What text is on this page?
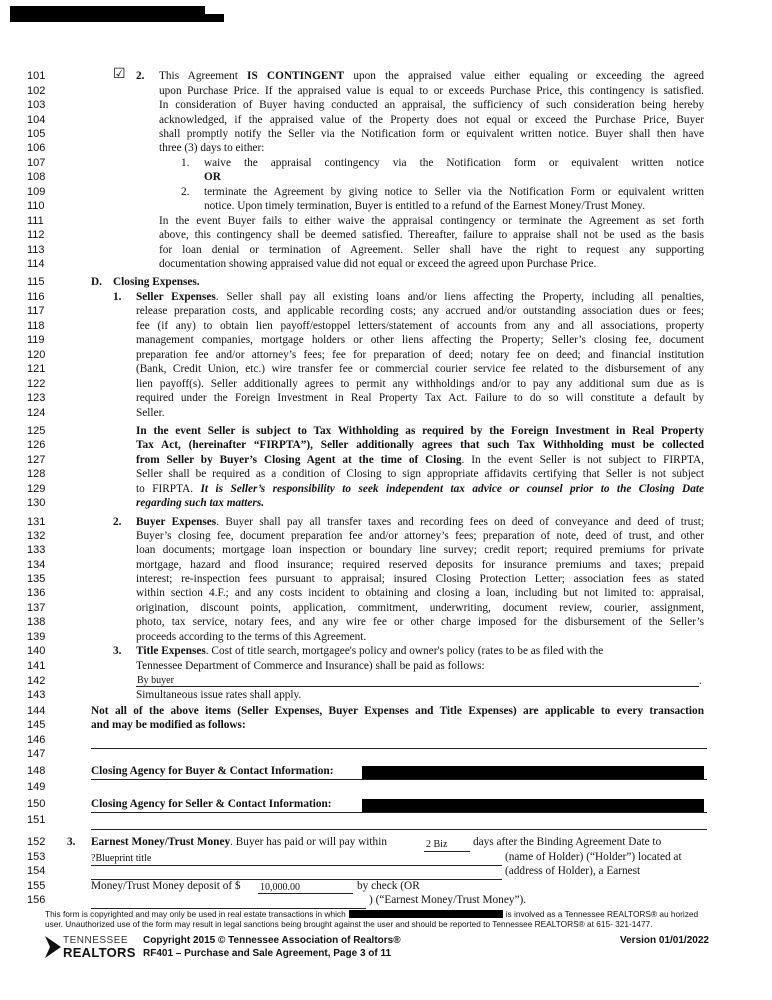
101
102
103
104
105
106
107
108
109
110
111
112
113
114
115
116
117
118
119
120
121
122
123
124
125
126
127
128
129
130
131
132
133
134
135
136
137
138
139
140
141
142
143
144
145
146
147
148
149
150
151
152
153
154
155
156
☑ 2. This Agreement IS CONTINGENT upon the appraised value either equaling or exceeding the agreed
upon Purchase Price. If the appraised value is equal to or exceeds Purchase Price, this contingency is satisfied.
In consideration of Buyer having conducted an appraisal, the sufficiency of such consideration being hereby
acknowledged, if the appraised value of the Property does not equal or exceed the Purchase Price, Buyer
shall promptly notify the Seller via the Notification form or equivalent written notice. Buyer shall then have
three (3) days to either:
1. waive the appraisal contingency via the Notification form or equivalent written notice
OR
2. terminate the Agreement by giving notice to Seller via the Notification Form or equivalent written
notice. Upon timely termination, Buyer is entitled to a refund of the Earnest Money/Trust Money.
In the event Buyer fails to either waive the appraisal contingency or terminate the Agreement as set forth
above, this contingency shall be deemed satisfied. Thereafter, failure to appraise shall not be used as the basis
for loan denial or termination of Agreement. Seller shall have the right to request any supporting
documentation showing appraised value did not equal or exceed the agreed upon Purchase Price.
D. Closing Expenses.
1. Seller Expenses. Seller shall pay all existing loans and/or liens affecting the Property, including all penalties,
release preparation costs, and applicable recording costs; any accrued and/or outstanding association dues or fees;
fee (if any) to obtain lien payoff/estoppel letters/statement of accounts from any and all associations, property
management companies, mortgage holders or other liens affecting the Property; Seller’s closing fee, document
preparation fee and/or attorney’s fees; fee for preparation of deed; notary fee on deed; and financial institution
(Bank, Credit Union, etc.) wire transfer fee or commercial courier service fee related to the disbursement of any
lien payoff(s). Seller additionally agrees to permit any withholdings and/or to pay any additional sum due as is
required under the Foreign Investment in Real Property Tax Act. Failure to do so will constitute a default by
Seller.
In the event Seller is subject to Tax Withholding as required by the Foreign Investment in Real Property
Tax Act, (hereinafter “FIRPTA”), Seller additionally agrees that such Tax Withholding must be collected
from Seller by Buyer’s Closing Agent at the time of Closing. In the event Seller is not subject to FIRPTA,
Seller shall be required as a condition of Closing to sign appropriate affidavits certifying that Seller is not subject
to FIRPTA. It is Seller’s responsibility to seek independent tax advice or counsel prior to the Closing Date
regarding such tax matters.
2. Buyer Expenses. Buyer shall pay all transfer taxes and recording fees on deed of conveyance and deed of trust;
Buyer’s closing fee, document preparation fee and/or attorney’s fees; preparation of note, deed of trust, and other
loan documents; mortgage loan inspection or boundary line survey; credit report; required premiums for private
mortgage, hazard and flood insurance; required reserved deposits for insurance premiums and taxes; prepaid
interest; re-inspection fees pursuant to appraisal; insured Closing Protection Letter; association fees as stated
within section 4.F.; and any costs incident to obtaining and closing a loan, including but not limited to: appraisal,
origination, discount points, application, commitment, underwriting, document review, courier, assignment,
photo, tax service, notary fees, and any wire fee or other charge imposed for the disbursement of the Seller’s
proceeds according to the terms of this Agreement.
3. Title Expenses. Cost of title search, mortgagee's policy and owner's policy (rates to be as filed with the
Tennessee Department of Commerce and Insurance) shall be paid as follows:
By buyer	.
Simultaneous issue rates shall apply.
Not all of the above items (Seller Expenses, Buyer Expenses and Title Expenses) are applicable to every transaction
and may be modified as follows:
Closing Agency for Buyer & Contact Information:
Closing Agency for Seller & Contact Information:
3. Earnest Money/Trust Money. Buyer has paid or will pay within	2 Biz days after the Binding Agreement Date to
?Blueprint title	(name of Holder) (“Holder”) located at
(address of Holder), a Earnest
Money/Trust Money deposit of $ 10,000.00	by check (OR
) (“Earnest Money/Trust Money”).
This form is copyrighted and may only be used in real estate transactions in which	is involved as a Tennessee REALTORS® au horized
user. Unauthorized use of the form may result in legal sanctions being brought against the user and should be reported to Tennessee REALTORS® at 615- 321-1477.
TENNESSEE
REALTORS
Copyright 2015 © Tennessee Association of Realtors®
RF401 – Purchase and Sale Agreement, Page 3 of 11
Version 01/01/2022
